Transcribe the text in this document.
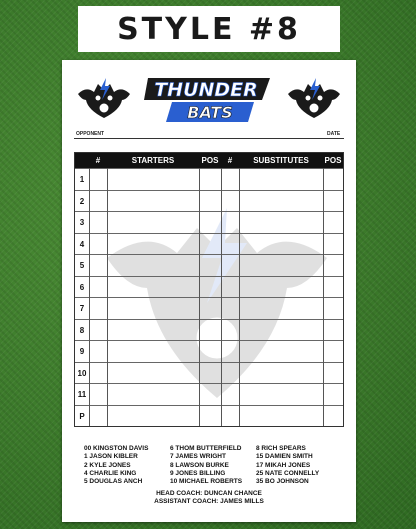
STYLE #8
THUNDER
BATS
OPPONENT	DATE
#	STARTERS	POS	#	SUBSTITUTES	POS
1
2
3
4
5
6
7
8
9
10
11
P
00 KINGSTON DAVIS
1 JASON KIBLER
2 KYLE JONES
4 CHARLIE KING
5 DOUGLAS ANCH
6 THOM BUTTERFIELD
7 JAMES WRIGHT
8 LAWSON BURKE
9 JONES BILLING
10 MICHAEL ROBERTS
8 RICH SPEARS
15 DAMIEN SMITH
17 MIKAH JONES
25 NATE CONNELLY
35 BO JOHNSON
HEAD COACH: DUNCAN CHANCE
ASSISTANT COACH: JAMES MILLS
